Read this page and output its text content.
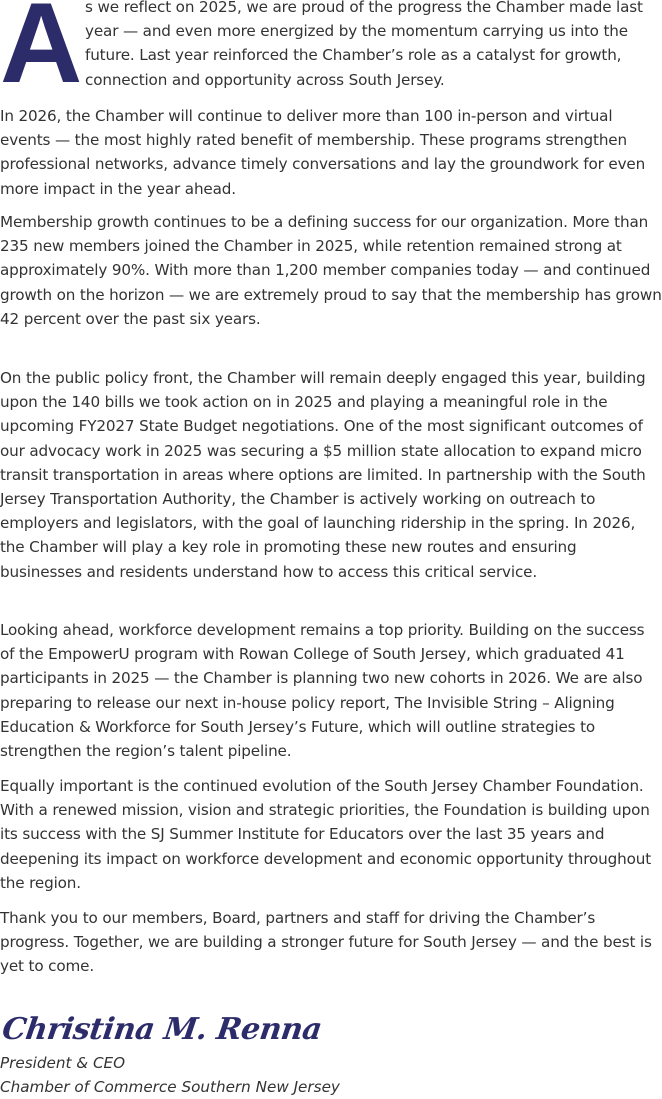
A s we reflect on 2025, we are proud of the progress the Chamber made last year — and even more energized by the momentum carrying us into the future. Last year reinforced the Chamber’s role as a catalyst for growth, connection and opportunity across South Jersey.

In 2026, the Chamber will continue to deliver more than 100 in-person and virtual events — the most highly rated benefit of membership. These programs strengthen professional networks, advance timely conversations and lay the groundwork for even more impact in the year ahead.

Membership growth continues to be a defining success for our organization. More than 235 new members joined the Chamber in 2025, while retention remained strong at approximately 90%. With more than 1,200 member companies today — and continued growth on the horizon — we are extremely proud to say that the membership has grown 42 percent over the past six years.

On the public policy front, the Chamber will remain deeply engaged this year, building upon the 140 bills we took action on in 2025 and playing a meaningful role in the upcoming FY2027 State Budget negotiations. One of the most significant outcomes of our advocacy work in 2025 was securing a $5 million state allocation to expand micro transit transportation in areas where options are limited. In partnership with the South Jersey Transportation Authority, the Chamber is actively working on outreach to employers and legislators, with the goal of launching ridership in the spring. In 2026, the Chamber will play a key role in promoting these new routes and ensuring businesses and residents understand how to access this critical service.

Looking ahead, workforce development remains a top priority. Building on the success of the EmpowerU program with Rowan College of South Jersey, which graduated 41 participants in 2025 — the Chamber is planning two new cohorts in 2026. We are also preparing to release our next in-house policy report, The Invisible String – Aligning Education & Workforce for South Jersey’s Future, which will outline strategies to strengthen the region’s talent pipeline.

Equally important is the continued evolution of the South Jersey Chamber Foundation. With a renewed mission, vision and strategic priorities, the Foundation is building upon its success with the SJ Summer Institute for Educators over the last 35 years and deepening its impact on workforce development and economic opportunity throughout the region.

Thank you to our members, Board, partners and staff for driving the Chamber’s progress. Together, we are building a stronger future for South Jersey — and the best is yet to come.

Christina M. Renna

President & CEO

Chamber of Commerce Southern New Jersey
